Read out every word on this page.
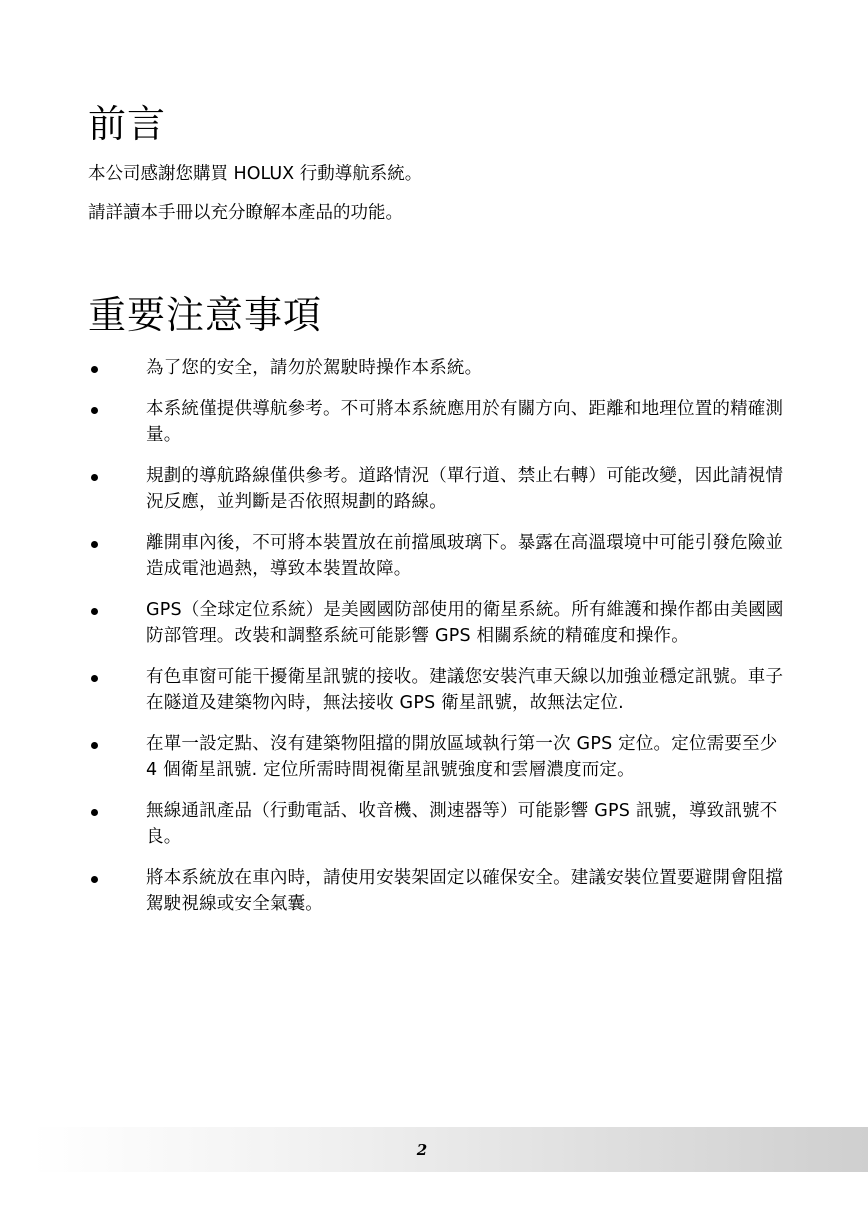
前言

本公司感謝您購買 HOLUX 行動導航系統。

請詳讀本手冊以充分瞭解本產品的功能。

重要注意事項
為了您的安全，請勿於駕駛時操作本系統。
本系統僅提供導航參考。不可將本系統應用於有關方向、距離和地理位置的精確測量。
規劃的導航路線僅供參考。道路情況（單行道、禁止右轉）可能改變，因此請視情況反應，並判斷是否依照規劃的路線。
離開車內後，不可將本裝置放在前擋風玻璃下。暴露在高溫環境中可能引發危險並造成電池過熱，導致本裝置故障。
GPS（全球定位系統）是美國國防部使用的衛星系統。所有維護和操作都由美國國防部管理。改裝和調整系統可能影響 GPS 相關系統的精確度和操作。
有色車窗可能干擾衛星訊號的接收。建議您安裝汽車天線以加強並穩定訊號。車子在隧道及建築物內時，無法接收 GPS 衛星訊號，故無法定位.
在單一設定點、沒有建築物阻擋的開放區域執行第一次 GPS 定位。定位需要至少 4 個衛星訊號. 定位所需時間視衛星訊號強度和雲層濃度而定。
無線通訊產品（行動電話、收音機、測速器等）可能影響 GPS 訊號，導致訊號不良。
將本系統放在車內時，請使用安裝架固定以確保安全。建議安裝位置要避開會阻擋駕駛視線或安全氣囊。
2
